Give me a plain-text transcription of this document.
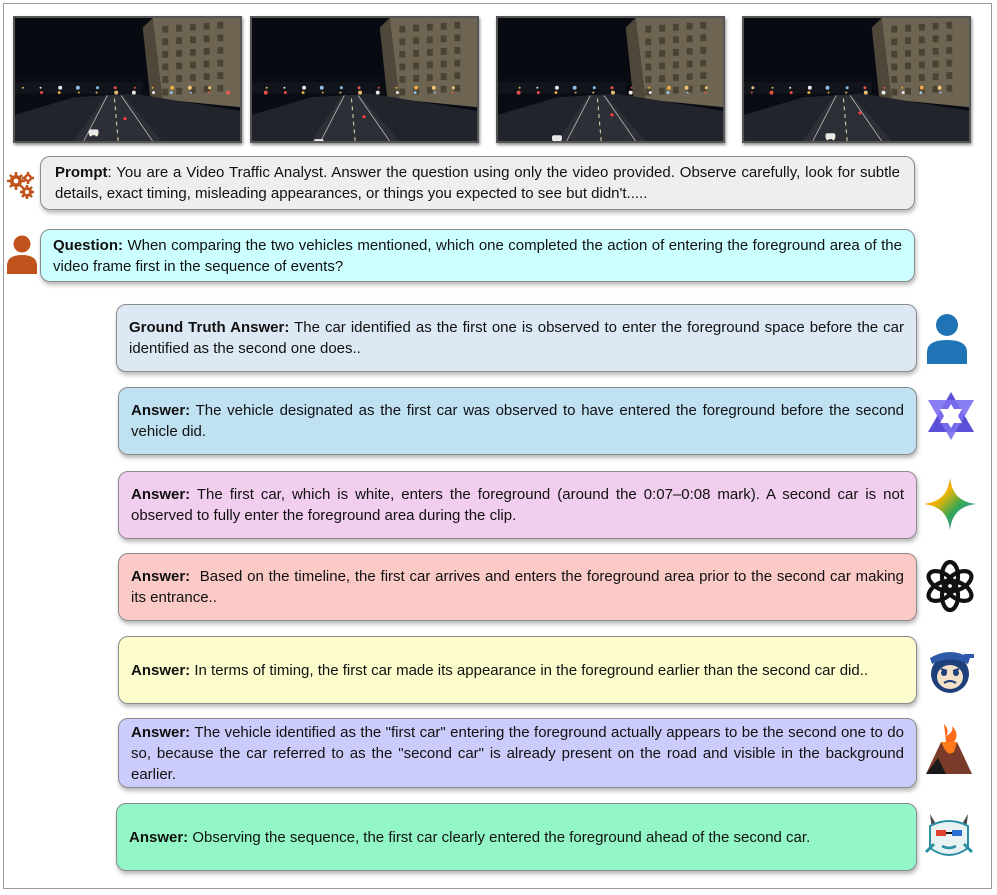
Prompt: You are a Video Traffic Analyst. Answer the question using only the video provided. Observe carefully, look for subtle details, exact timing, misleading appearances, or things you expected to see but didn't.....

Question: When comparing the two vehicles mentioned, which one completed the action of entering the foreground area of the video frame first in the sequence of events?

Ground Truth Answer: The car identified as the first one is observed to enter the foreground space before the car identified as the second one does..

Answer: The vehicle designated as the first car was observed to have entered the foreground before the second vehicle did.

Answer: The first car, which is white, enters the foreground (around the 0:07–0:08 mark). A second car is not observed to fully enter the foreground area during the clip.

Answer:  Based on the timeline, the first car arrives and enters the foreground area prior to the second car making its entrance..

Answer: In terms of timing, the first car made its appearance in the foreground earlier than the second car did..

Answer: The vehicle identified as the "first car" entering the foreground actually appears to be the second one to do so, because the car referred to as the "second car" is already present on the road and visible in the background earlier.

Answer: Observing the sequence, the first car clearly entered the foreground ahead of the second car.
